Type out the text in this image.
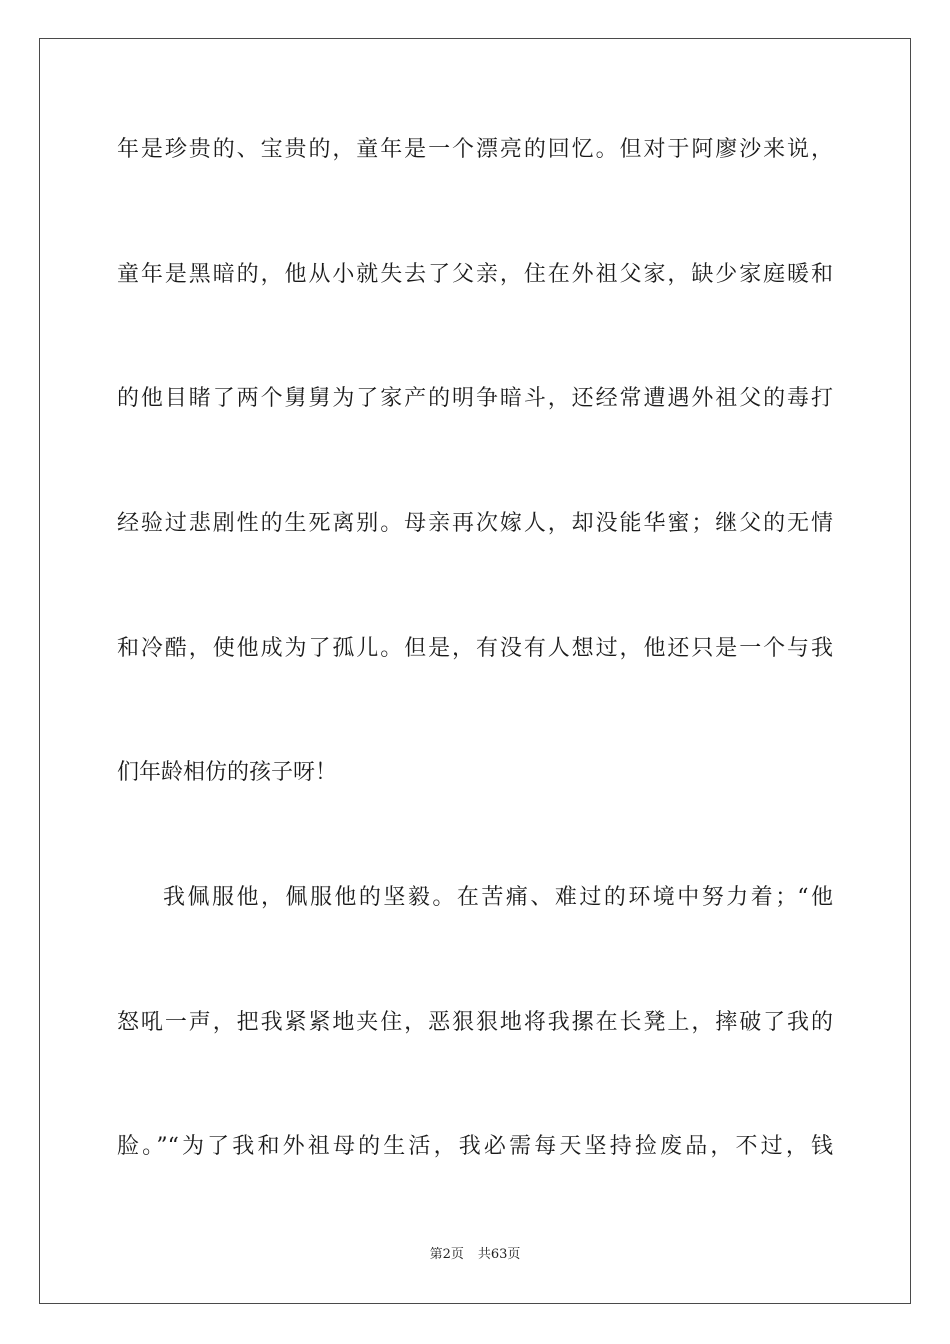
年是珍贵的、宝贵的，童年是一个漂亮的回忆。但对于阿廖沙来说，
童年是黑暗的，他从小就失去了父亲，住在外祖父家，缺少家庭暖和
的他目睹了两个舅舅为了家产的明争暗斗，还经常遭遇外祖父的毒打
经验过悲剧性的生死离别。母亲再次嫁人，却没能华蜜；继父的无情
和冷酷，使他成为了孤儿。但是，有没有人想过，他还只是一个与我
们年龄相仿的孩子呀！
我佩服他，佩服他的坚毅。在苦痛、难过的环境中努力着；“他
怒吼一声，把我紧紧地夹住，恶狠狠地将我摞在长凳上，摔破了我的
脸。”“为了我和外祖母的生活，我必需每天坚持捡废品，不过，钱
第2页 共63页
